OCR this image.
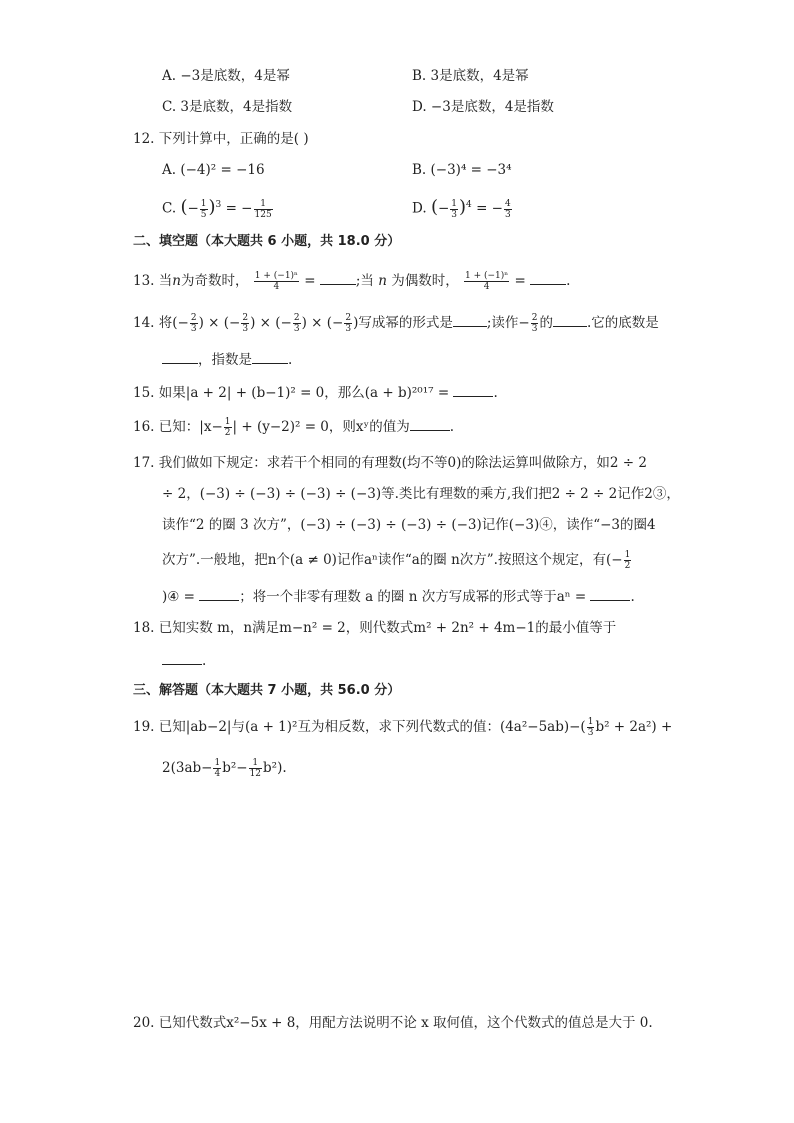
A. −3是底数，4是幂	B. 3是底数，4是幂
C. 3是底数，4是指数	D. −3是底数，4是指数
12. 下列计算中，正确的是( )
A. (−4)² = −16	B. (−3)⁴ = −3⁴
C. (− $\frac{1}{5} )^3$ = − $\frac{1}{125}$	D. (− $\frac{1}{3} )^4$ = − $\frac{4}{3}$
二、填空题（本大题共 6 小题，共 18.0 分）
13. 当n为奇数时， $\frac{\text{1 + (−1)ⁿ}}{4}$ =	;当 n 为偶数时， $\frac{\text{1 + (−1)ⁿ}}{4}$ =	.
14. 将(− $\frac{2}{3}$ ) × (− $\frac{2}{3}$ ) × (− $\frac{2}{3}$ ) × (− $\frac{2}{3}$ )写成幂的形式是	;读作− $\frac{2}{3}$ 的	.它的底数是
，指数是	.
15. 如果|a + 2| + (b−1)² = 0，那么(a + b)²⁰¹⁷ =	.
16. 已知：$|x- \frac{1}{2}$ | + (y−2)² = 0，则xʸ的值为	.
17. 我们做如下规定：求若干个相同的有理数(均不等0)的除法运算叫做除方，如2 ÷ 2
÷ 2，(−3) ÷ (−3) ÷ (−3) ÷ (−3)等.类比有理数的乘方,我们把2 ÷ 2 ÷ 2记作2③，
读作“2 的圈 3 次方”，(−3) ÷ (−3) ÷ (−3) ÷ (−3)记作(−3)④，读作“−3的圈4
次方”.一般地，把n个(a ≠ 0)记作aⁿ读作“a的圈 n次方”.按照这个规定，有(− $\frac{1}{2}$
)④ =	；将一个非零有理数 a 的圈 n 次方写成幂的形式等于aⁿ =	.
18. 已知实数 m，n满足m−n² = 2，则代数式m² + 2n² + 4m−1的最小值等于
.
三、解答题（本大题共 7 小题，共 56.0 分）
19. 已知|ab−2|与(a + 1)²互为相反数，求下列代数式的值：$(4a^2-5ab)-( \frac{1}{3} b^2 + 2a^2)$ +
$2(3ab- \frac{1}{4} b^2- \frac{1}{12} b^2)$.
20. 已知代数式x²−5x + 8，用配方法说明不论 x 取何值，这个代数式的值总是大于 0.
